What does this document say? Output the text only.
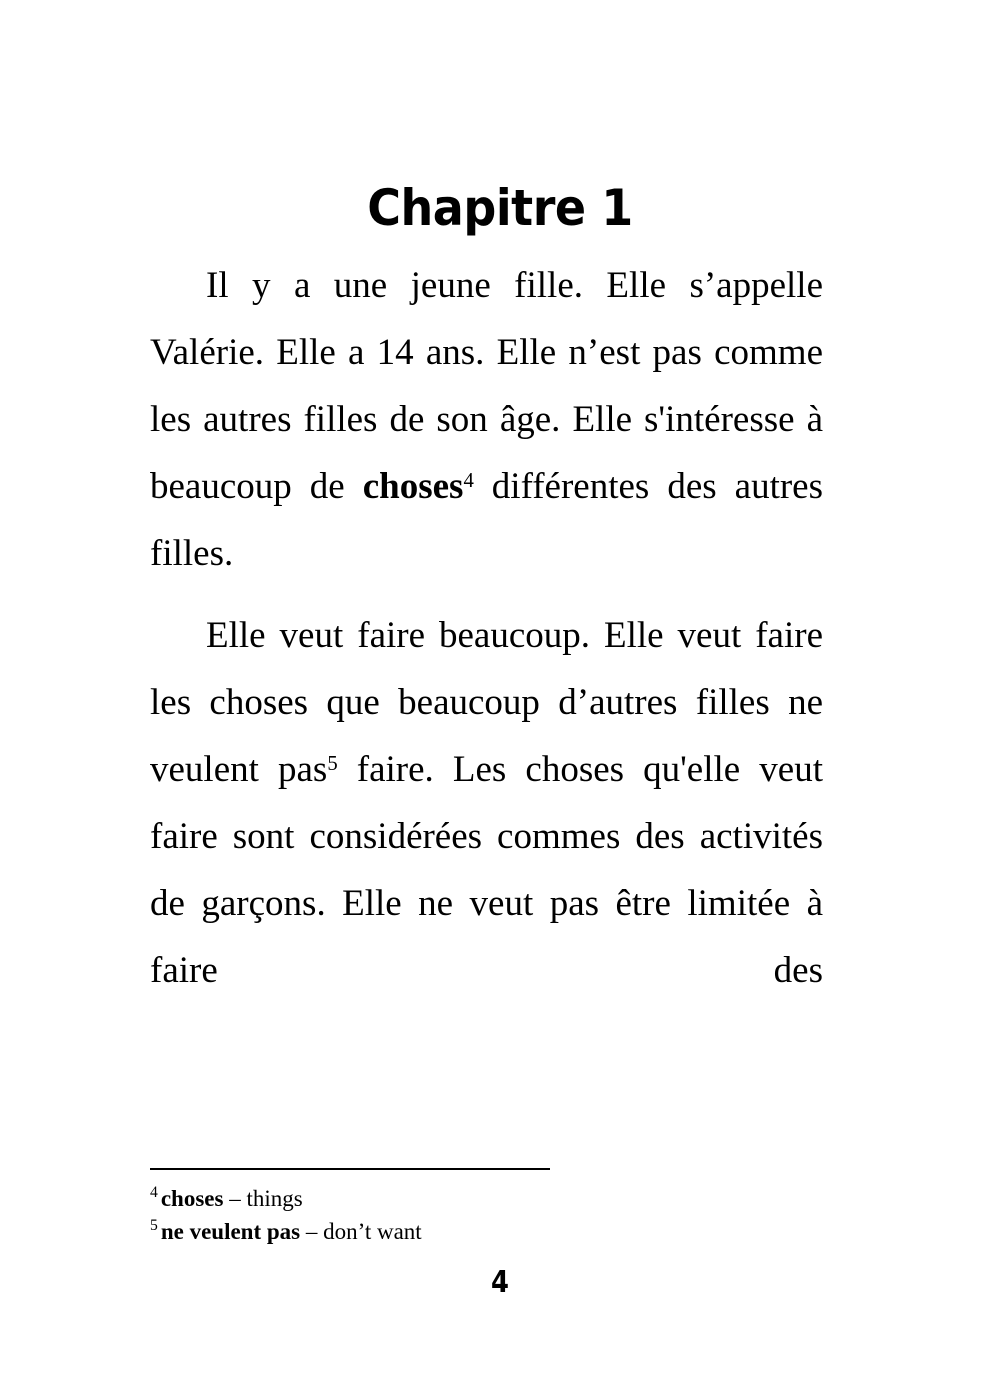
Chapitre 1

Il y a une jeune fille. Elle s’appelle Valérie. Elle a 14 ans. Elle n’est pas comme les autres filles de son âge. Elle s'intéresse à beaucoup de choses$^4$ différentes des autres filles.

Elle veut faire beaucoup. Elle veut faire les choses que beaucoup d’autres filles ne veulent pas$^5$ faire. Les choses qu'elle veut faire sont considérées commes des activités de garçons. Elle ne veut pas être limitée à faire des

$^4$ choses – things
$^5$ ne veulent pas – don’t want
4
